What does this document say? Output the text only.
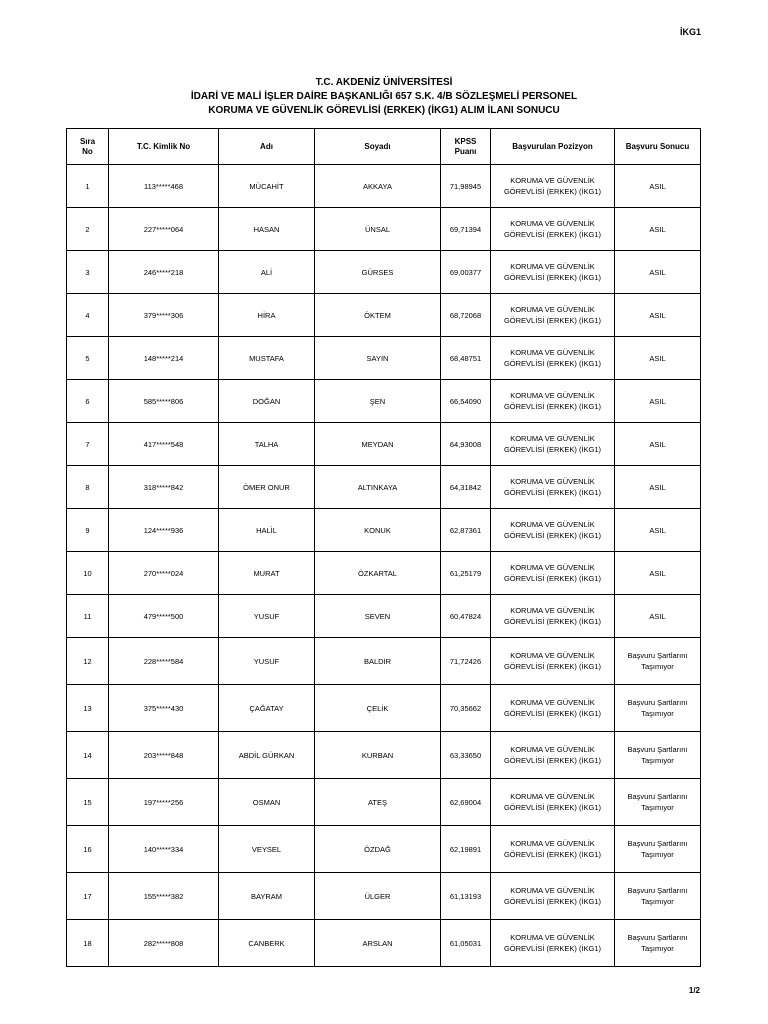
İKG1
T.C. AKDENİZ ÜNİVERSİTESİ
İDARİ VE MALİ İŞLER DAİRE BAŞKANLIĞI 657 S.K. 4/B SÖZLEŞMELİ PERSONEL
KORUMA VE GÜVENLİK GÖREVLİSİ (ERKEK) (İKG1) ALIM İLANI SONUCU
Sıra
No	T.C. Kimlik No	Adı	Soyadı	KPSS
Puanı	Başvurulan Pozizyon	Başvuru Sonucu
1	113*****468	MÜCAHİT	AKKAYA	71,98945	KORUMA VE GÜVENLİK
GÖREVLİSİ (ERKEK) (İKG1)	ASIL
2	227*****064	HASAN	ÜNSAL	69,71394	KORUMA VE GÜVENLİK
GÖREVLİSİ (ERKEK) (İKG1)	ASIL
3	246*****218	ALİ	GÜRSES	69,00377	KORUMA VE GÜVENLİK
GÖREVLİSİ (ERKEK) (İKG1)	ASIL
4	379*****306	HİRA	ÖKTEM	68,72068	KORUMA VE GÜVENLİK
GÖREVLİSİ (ERKEK) (İKG1)	ASIL
5	148*****214	MUSTAFA	SAYIN	68,48751	KORUMA VE GÜVENLİK
GÖREVLİSİ (ERKEK) (İKG1)	ASIL
6	585*****806	DOĞAN	ŞEN	66,54090	KORUMA VE GÜVENLİK
GÖREVLİSİ (ERKEK) (İKG1)	ASIL
7	417*****548	TALHA	MEYDAN	64,93008	KORUMA VE GÜVENLİK
GÖREVLİSİ (ERKEK) (İKG1)	ASIL
8	318*****842	ÖMER ONUR	ALTINKAYA	64,31842	KORUMA VE GÜVENLİK
GÖREVLİSİ (ERKEK) (İKG1)	ASIL
9	124*****936	HALİL	KONUK	62,87361	KORUMA VE GÜVENLİK
GÖREVLİSİ (ERKEK) (İKG1)	ASIL
10	270*****024	MURAT	ÖZKARTAL	61,25179	KORUMA VE GÜVENLİK
GÖREVLİSİ (ERKEK) (İKG1)	ASIL
11	479*****500	YUSUF	SEVEN	60,47824	KORUMA VE GÜVENLİK
GÖREVLİSİ (ERKEK) (İKG1)	ASIL
12	228*****584	YUSUF	BALDIR	71,72426	KORUMA VE GÜVENLİK
GÖREVLİSİ (ERKEK) (İKG1)	Başvuru Şartlarını
Taşımıyor
13	375*****430	ÇAĞATAY	ÇELİK	70,35662	KORUMA VE GÜVENLİK
GÖREVLİSİ (ERKEK) (İKG1)	Başvuru Şartlarını
Taşımıyor
14	203*****848	ABDİL GÜRKAN	KURBAN	63,33650	KORUMA VE GÜVENLİK
GÖREVLİSİ (ERKEK) (İKG1)	Başvuru Şartlarını
Taşımıyor
15	197*****256	OSMAN	ATEŞ	62,69004	KORUMA VE GÜVENLİK
GÖREVLİSİ (ERKEK) (İKG1)	Başvuru Şartlarını
Taşımıyor
16	140*****334	VEYSEL	ÖZDAĞ	62,19891	KORUMA VE GÜVENLİK
GÖREVLİSİ (ERKEK) (İKG1)	Başvuru Şartlarını
Taşımıyor
17	155*****382	BAYRAM	ÜLGER	61,13193	KORUMA VE GÜVENLİK
GÖREVLİSİ (ERKEK) (İKG1)	Başvuru Şartlarını
Taşımıyor
18	282*****808	CANBERK	ARSLAN	61,05031	KORUMA VE GÜVENLİK
GÖREVLİSİ (ERKEK) (İKG1)	Başvuru Şartlarını
Taşımıyor
1/2
